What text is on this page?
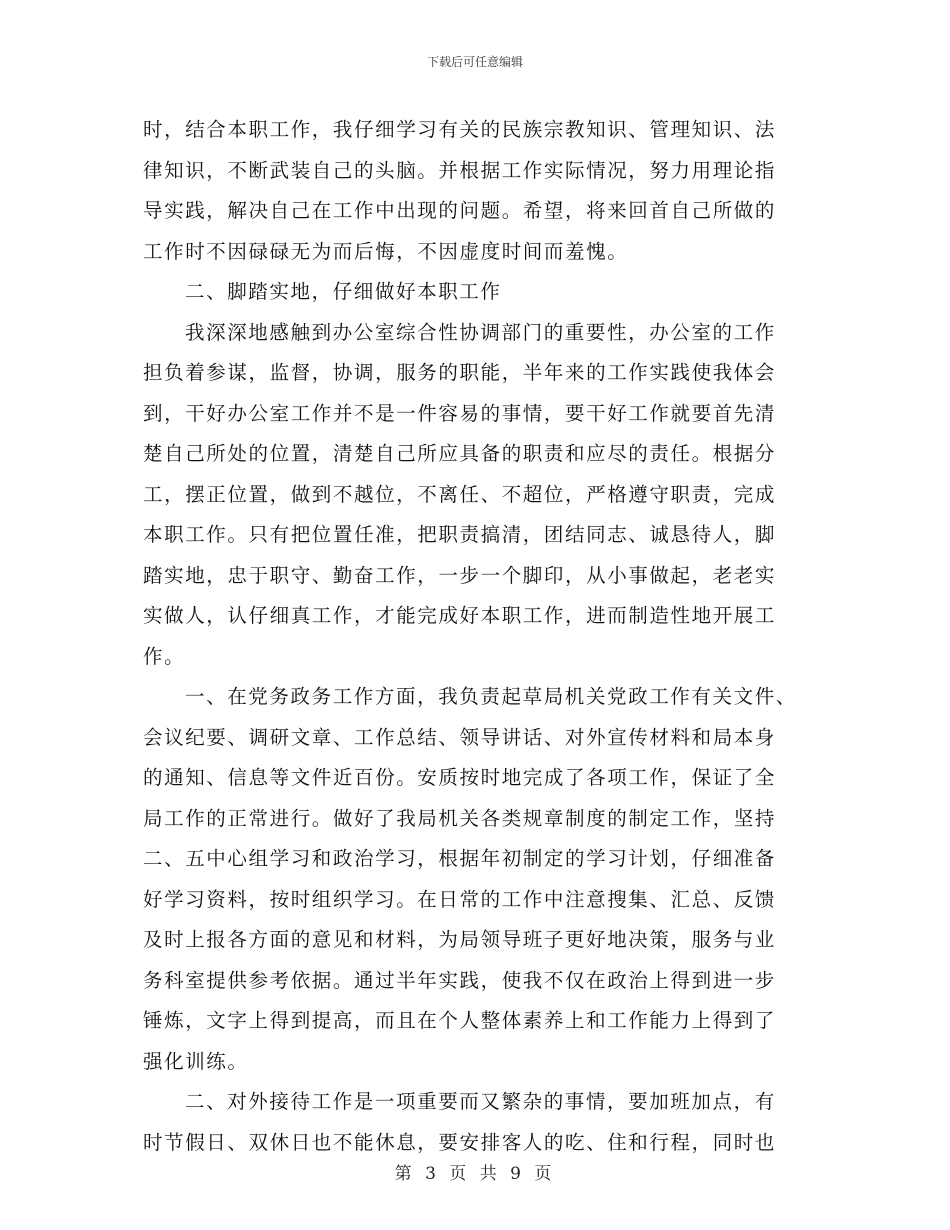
下载后可任意编辑
时，结合本职工作，我仔细学习有关的民族宗教知识、管理知识、法
律知识，不断武装自己的头脑。并根据工作实际情况，努力用理论指
导实践，解决自己在工作中出现的问题。希望，将来回首自己所做的
工作时不因碌碌无为而后悔，不因虚度时间而羞愧。
二、脚踏实地，仔细做好本职工作
我深深地感触到办公室综合性协调部门的重要性，办公室的工作
担负着参谋，监督，协调，服务的职能，半年来的工作实践使我体会
到，干好办公室工作并不是一件容易的事情，要干好工作就要首先清
楚自己所处的位置，清楚自己所应具备的职责和应尽的责任。根据分
工，摆正位置，做到不越位，不离任、不超位，严格遵守职责，完成
本职工作。只有把位置任准，把职责搞清，团结同志、诚恳待人，脚
踏实地，忠于职守、勤奋工作，一步一个脚印，从小事做起，老老实
实做人，认仔细真工作，才能完成好本职工作，进而制造性地开展工
作。
一、在党务政务工作方面，我负责起草局机关党政工作有关文件、
会议纪要、调研文章、工作总结、领导讲话、对外宣传材料和局本身
的通知、信息等文件近百份。安质按时地完成了各项工作，保证了全
局工作的正常进行。做好了我局机关各类规章制度的制定工作，坚持
二、五中心组学习和政治学习，根据年初制定的学习计划，仔细准备
好学习资料，按时组织学习。在日常的工作中注意搜集、汇总、反馈
及时上报各方面的意见和材料，为局领导班子更好地决策，服务与业
务科室提供参考依据。通过半年实践，使我不仅在政治上得到进一步
锤炼，文字上得到提高，而且在个人整体素养上和工作能力上得到了
强化训练。
二、对外接待工作是一项重要而又繁杂的事情，要加班加点，有
时节假日、双休日也不能休息，要安排客人的吃、住和行程，同时也
第 3 页 共 9 页
